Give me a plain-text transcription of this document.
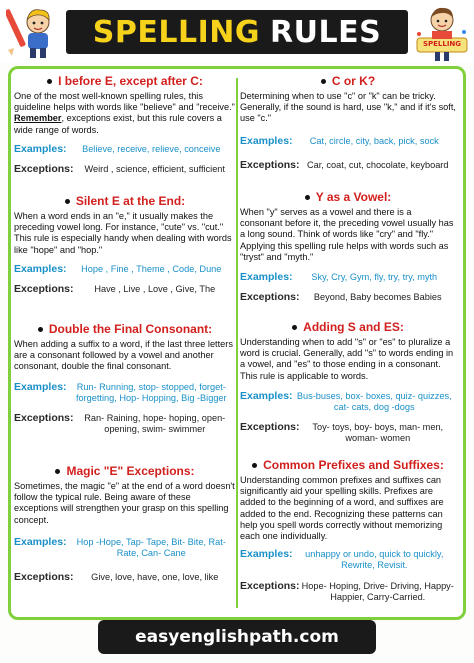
SPELLING RULES	SPELLING
I before E, except after C:
One of the most well-known spelling rules, this guideline helps with words like "believe" and "receive." Remember, exceptions exist, but this rule covers a wide range of words.
Examples:	Believe, receive, relieve, conceive
Exceptions:	Weird , science, efficient, sufficient
Silent E at the End:
When a word ends in an "e," it usually makes the preceding vowel long. For instance, "cute" vs. "cut." This rule is especially handy when dealing with words like "hope" and "hop."
Examples:	Hope , Fine , Theme , Code, Dune
Exceptions:	Have , Live , Love , Give, The
Double the Final Consonant:
When adding a suffix to a word, if the last three letters are a consonant followed by a vowel and another consonant, double the final consonant.
Examples:	Run- Running, stop- stopped, forget- forgetting, Hop- Hopping, Big -Bigger
Exceptions:	Ran- Raining, hope- hoping, open- opening, swim- swimmer
Magic "E" Exceptions:
Sometimes, the magic "e" at the end of a word doesn't follow the typical rule. Being aware of these exceptions will strengthen your grasp on this spelling concept.
Examples:	Hop -Hope, Tap- Tape, Bit- Bite, Rat- Rate, Can- Cane
Exceptions:	Give, love, have, one, love, like
C or K?
Determining when to use "c" or "k" can be tricky. Generally, if the sound is hard, use "k," and if it's soft, use "c."
Examples:	Cat, circle, city, back, pick, sock
Exceptions: Car, coat, cut, chocolate, keyboard
Y as a Vowel:
When "y" serves as a vowel and there is a consonant before it, the preceding vowel usually has a long sound. Think of words like "cry" and "fly." Applying this spelling rule helps with words such as "tryst" and "myth."
Examples:	Sky, Cry, Gym, fly, try, try, myth
Exceptions:	Beyond, Baby becomes Babies
Adding S and ES:
Understanding when to add "s" or "es" to pluralize a word is crucial. Generally, add "s" to words ending in a vowel, and "es" to those ending in a consonant. This rule is applicable to words.
Examples: Bus-buses, box- boxes, quiz- quizzes, cat- cats, dog -dogs
Exceptions:	Toy- toys, boy- boys, man- men, woman- women
Common Prefixes and Suffixes:
Understanding common prefixes and suffixes can significantly aid your spelling skills. Prefixes are added to the beginning of a word, and suffixes are added to the end. Recognizing these patterns can help you spell words correctly without memorizing each one individually.
Examples:	unhappy or undo, quick to quickly, Rewrite, Revisit.
Exceptions: Hope- Hoping, Drive- Driving, Happy- Happier, Carry-Carried.
easyenglishpath.com
